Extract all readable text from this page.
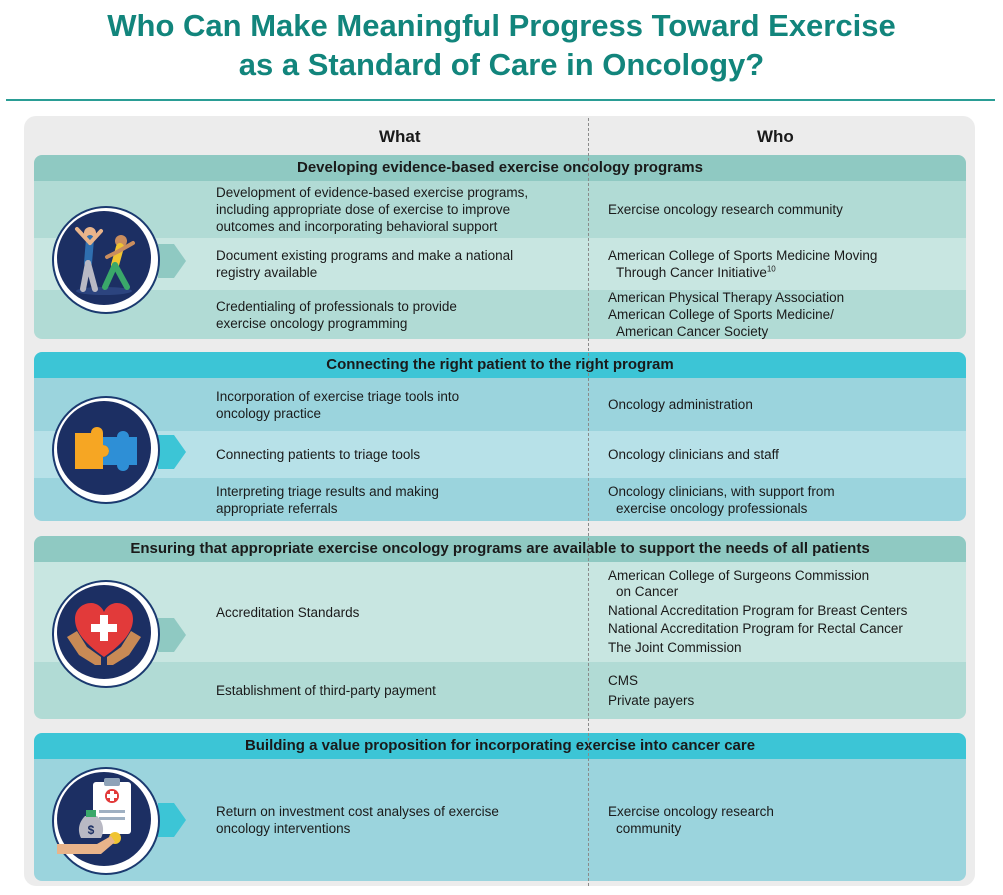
Who Can Make Meaningful Progress Toward Exercise
as a Standard of Care in Oncology?
What	Who
Developing evidence-based exercise oncology programs
Development of evidence-based exercise programs,
including appropriate dose of exercise to improve
outcomes and incorporating behavioral support
Exercise oncology research community
Document existing programs and make a national
registry available
American College of Sports Medicine Moving
Through Cancer Initiative$^{10}$
Credentialing of professionals to provide
exercise oncology programming
American Physical Therapy Association
American College of Sports Medicine/
American Cancer Society
Connecting the right patient to the right program
Incorporation of exercise triage tools into
oncology practice
Oncology administration
Connecting patients to triage tools	Oncology clinicians and staff
Interpreting triage results and making
appropriate referrals
Oncology clinicians, with support from
exercise oncology professionals
Ensuring that appropriate exercise oncology programs are available to support the needs of all patients
Accreditation Standards
American College of Surgeons Commission
on Cancer
National Accreditation Program for Breast Centers
National Accreditation Program for Rectal Cancer
The Joint Commission
Establishment of third-party payment
CMS
Private payers
Building a value proposition for incorporating exercise into cancer care
Return on investment cost analyses of exercise
oncology interventions
Exercise oncology research
community
$
